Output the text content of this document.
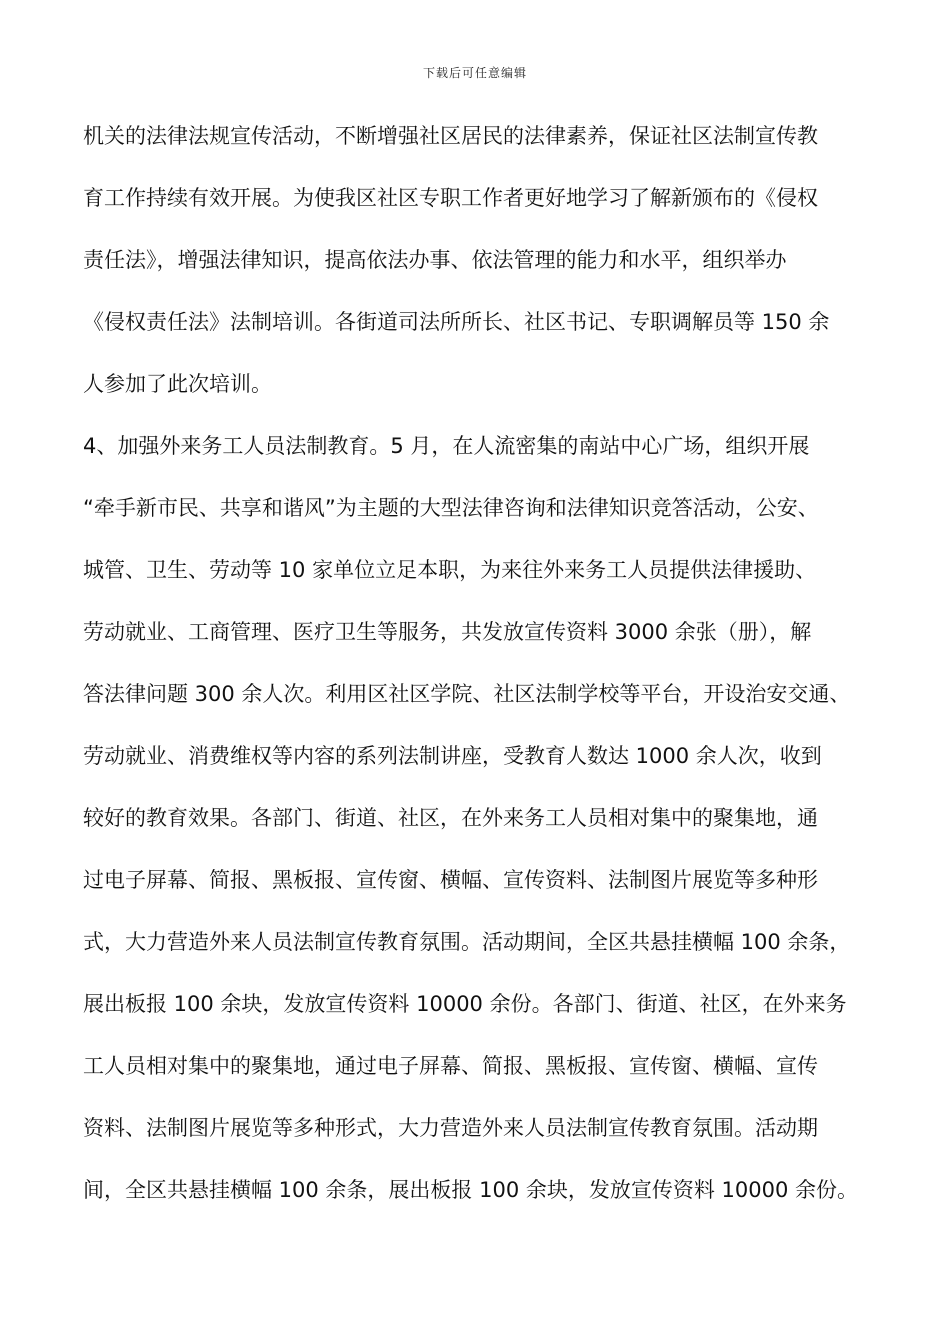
下载后可任意编辑
机关的法律法规宣传活动，不断增强社区居民的法律素养，保证社区法制宣传教
育工作持续有效开展。为使我区社区专职工作者更好地学习了解新颁布的《侵权
责任法》，增强法律知识，提高依法办事、依法管理的能力和水平，组织举办
《侵权责任法》法制培训。各街道司法所所长、社区书记、专职调解员等 150 余
人参加了此次培训。
4、加强外来务工人员法制教育。5 月，在人流密集的南站中心广场，组织开展
“牵手新市民、共享和谐风”为主题的大型法律咨询和法律知识竞答活动，公安、
城管、卫生、劳动等 10 家单位立足本职，为来往外来务工人员提供法律援助、
劳动就业、工商管理、医疗卫生等服务，共发放宣传资料 3000 余张（册），解
答法律问题 300 余人次。利用区社区学院、社区法制学校等平台，开设治安交通、
劳动就业、消费维权等内容的系列法制讲座，受教育人数达 1000 余人次，收到
较好的教育效果。各部门、街道、社区，在外来务工人员相对集中的聚集地，通
过电子屏幕、简报、黑板报、宣传窗、横幅、宣传资料、法制图片展览等多种形
式，大力营造外来人员法制宣传教育氛围。活动期间，全区共悬挂横幅 100 余条，
展出板报 100 余块，发放宣传资料 10000 余份。各部门、街道、社区，在外来务
工人员相对集中的聚集地，通过电子屏幕、简报、黑板报、宣传窗、横幅、宣传
资料、法制图片展览等多种形式，大力营造外来人员法制宣传教育氛围。活动期
间，全区共悬挂横幅 100 余条，展出板报 100 余块，发放宣传资料 10000 余份。
